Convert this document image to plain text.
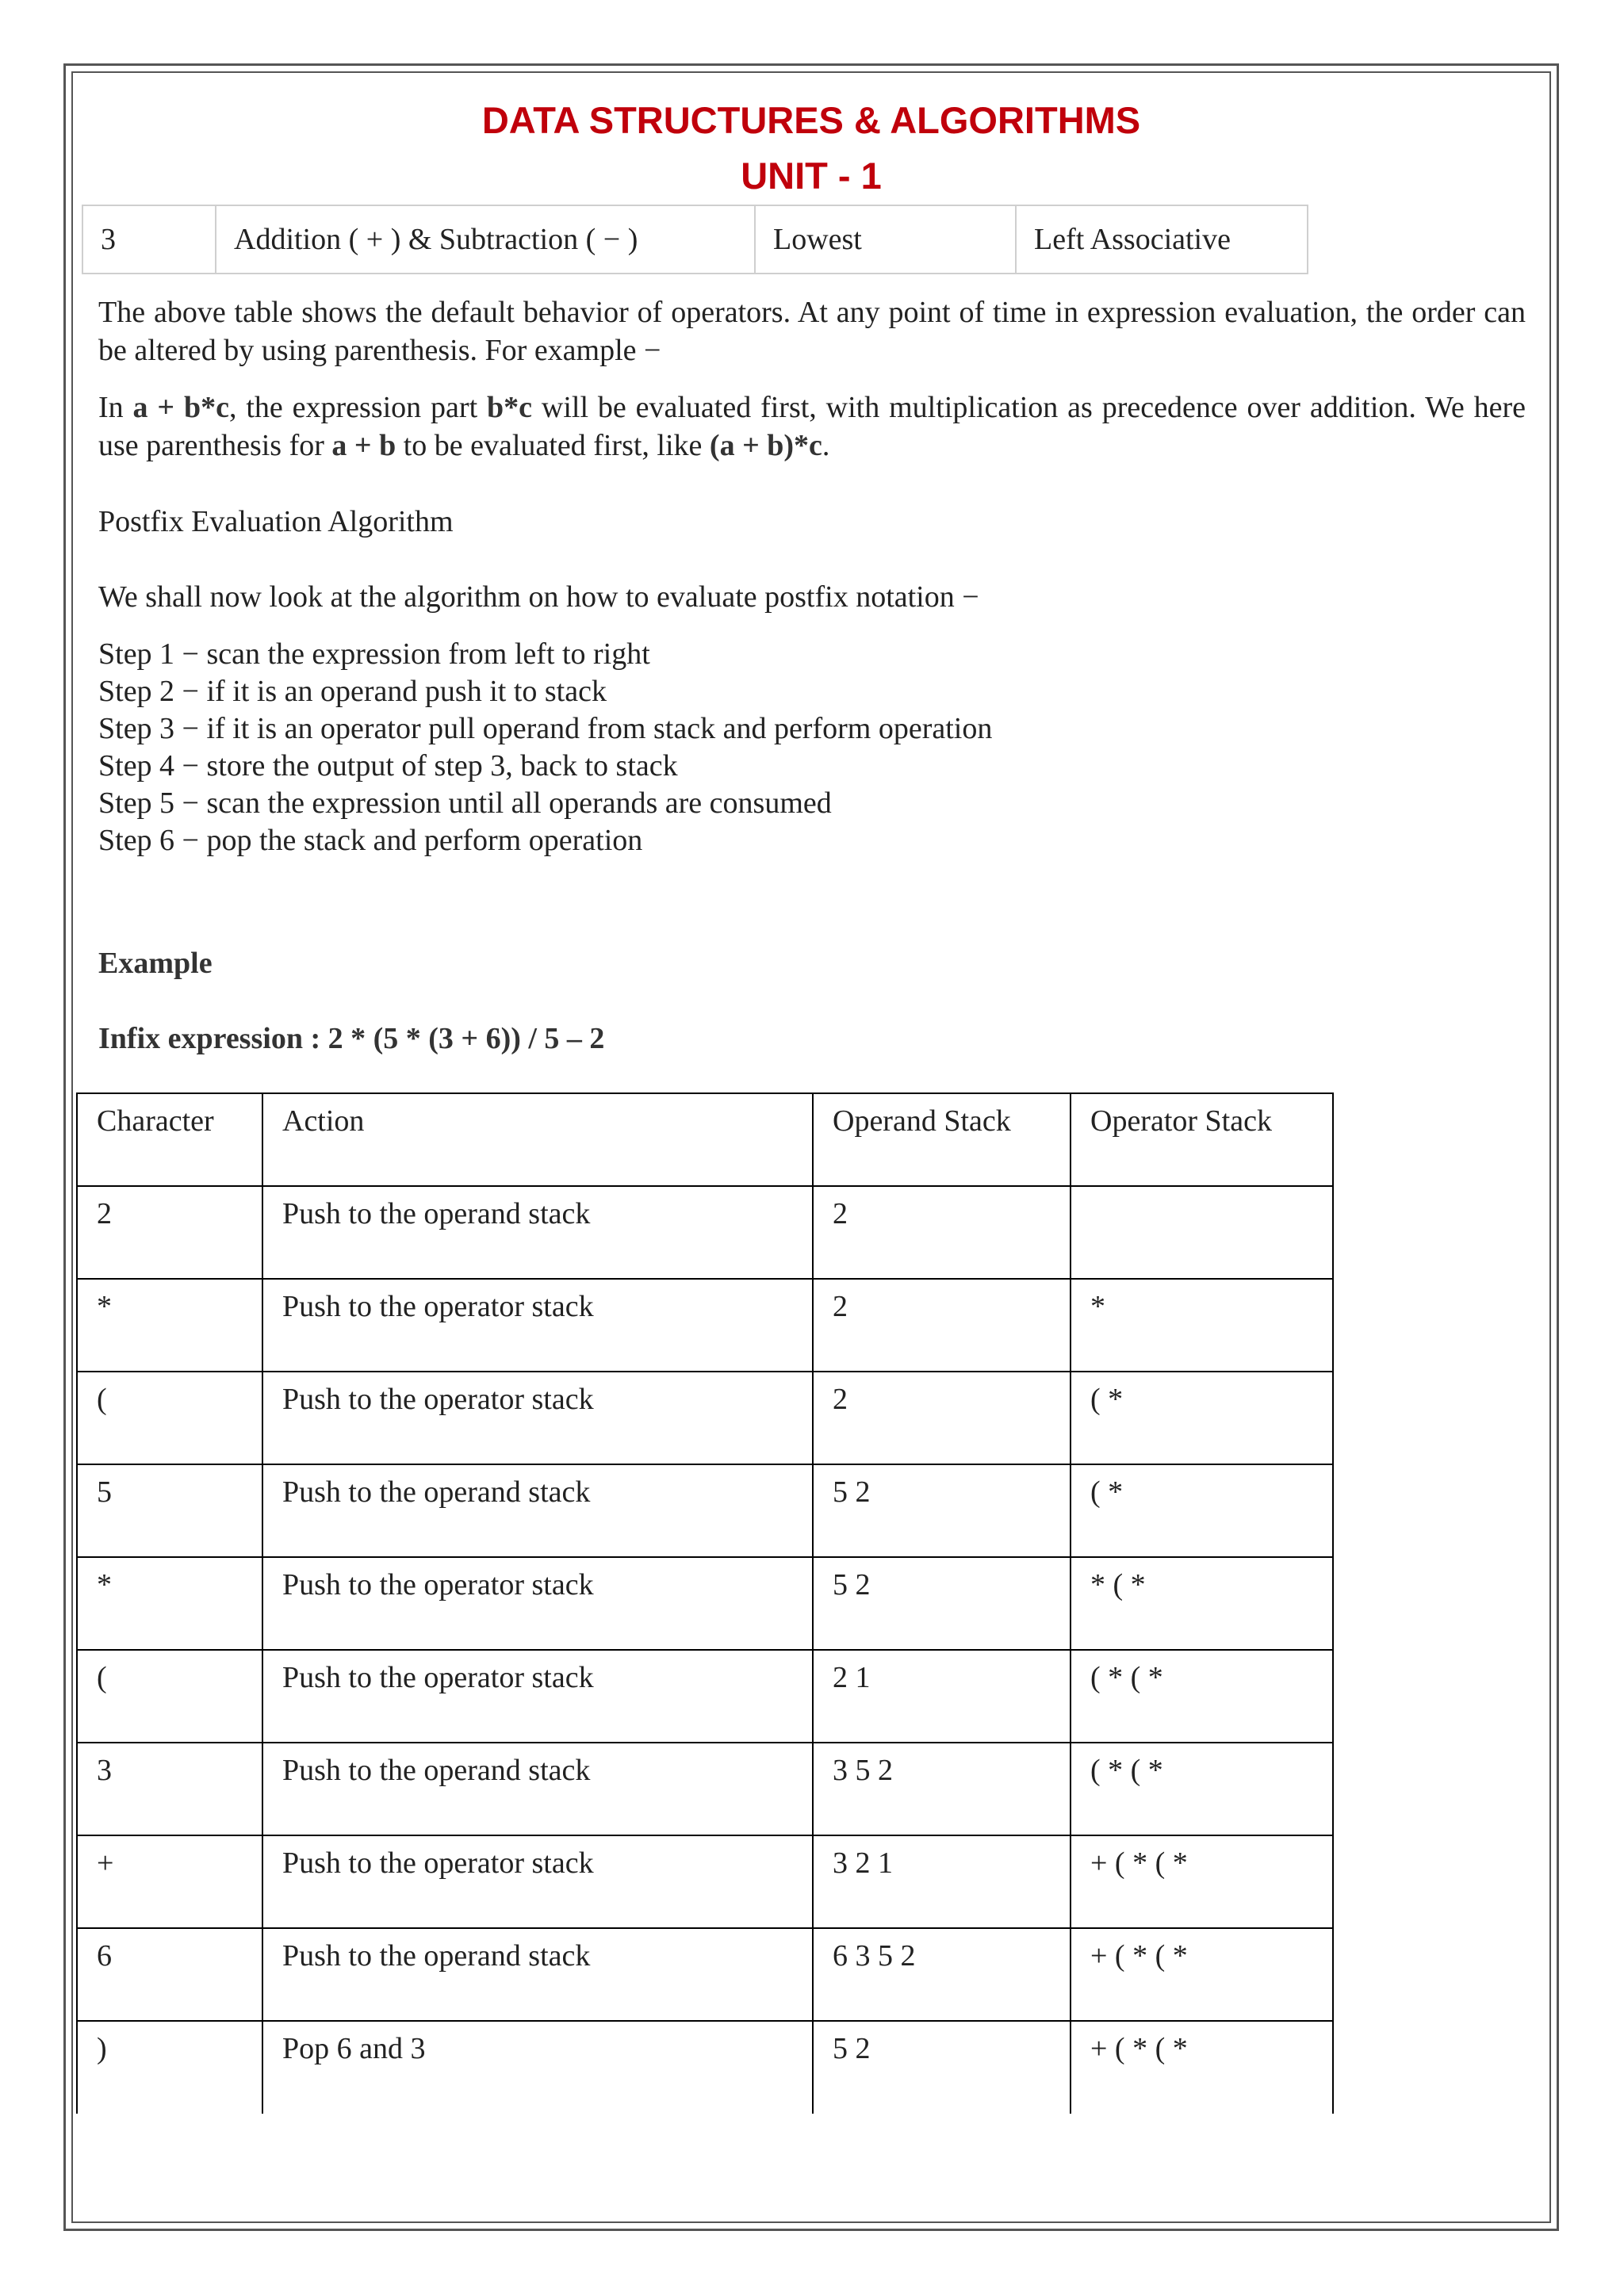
DATA STRUCTURES & ALGORITHMS
UNIT - 1
3	Addition ( + ) & Subtraction ( − )	Lowest	Left Associative
The above table shows the default behavior of operators. At any point of time in expression evaluation, the order can be altered by using parenthesis. For example −
In a + b*c, the expression part b*c will be evaluated first, with multiplication as precedence over addition. We here use parenthesis for a + b to be evaluated first, like (a + b)*c.
Postfix Evaluation Algorithm
We shall now look at the algorithm on how to evaluate postfix notation −
Step 1 − scan the expression from left to right
Step 2 − if it is an operand push it to stack
Step 3 − if it is an operator pull operand from stack and perform operation
Step 4 − store the output of step 3, back to stack
Step 5 − scan the expression until all operands are consumed
Step 6 − pop the stack and perform operation
Example
Infix expression : 2 * (5 * (3 + 6)) / 5 – 2
Character	Action	Operand Stack	Operator Stack
2	Push to the operand stack	2	
*	Push to the operator stack	2	*
(	Push to the operator stack	2	( *
5	Push to the operand stack	5 2	( *
*	Push to the operator stack	5 2	* ( *
(	Push to the operator stack	2 1	( * ( *
3	Push to the operand stack	3 5 2	( * ( *
+	Push to the operator stack	3 2 1	+ ( * ( *
6	Push to the operand stack	6 3 5 2	+ ( * ( *
)	Pop 6 and 3	5 2	+ ( * ( *
